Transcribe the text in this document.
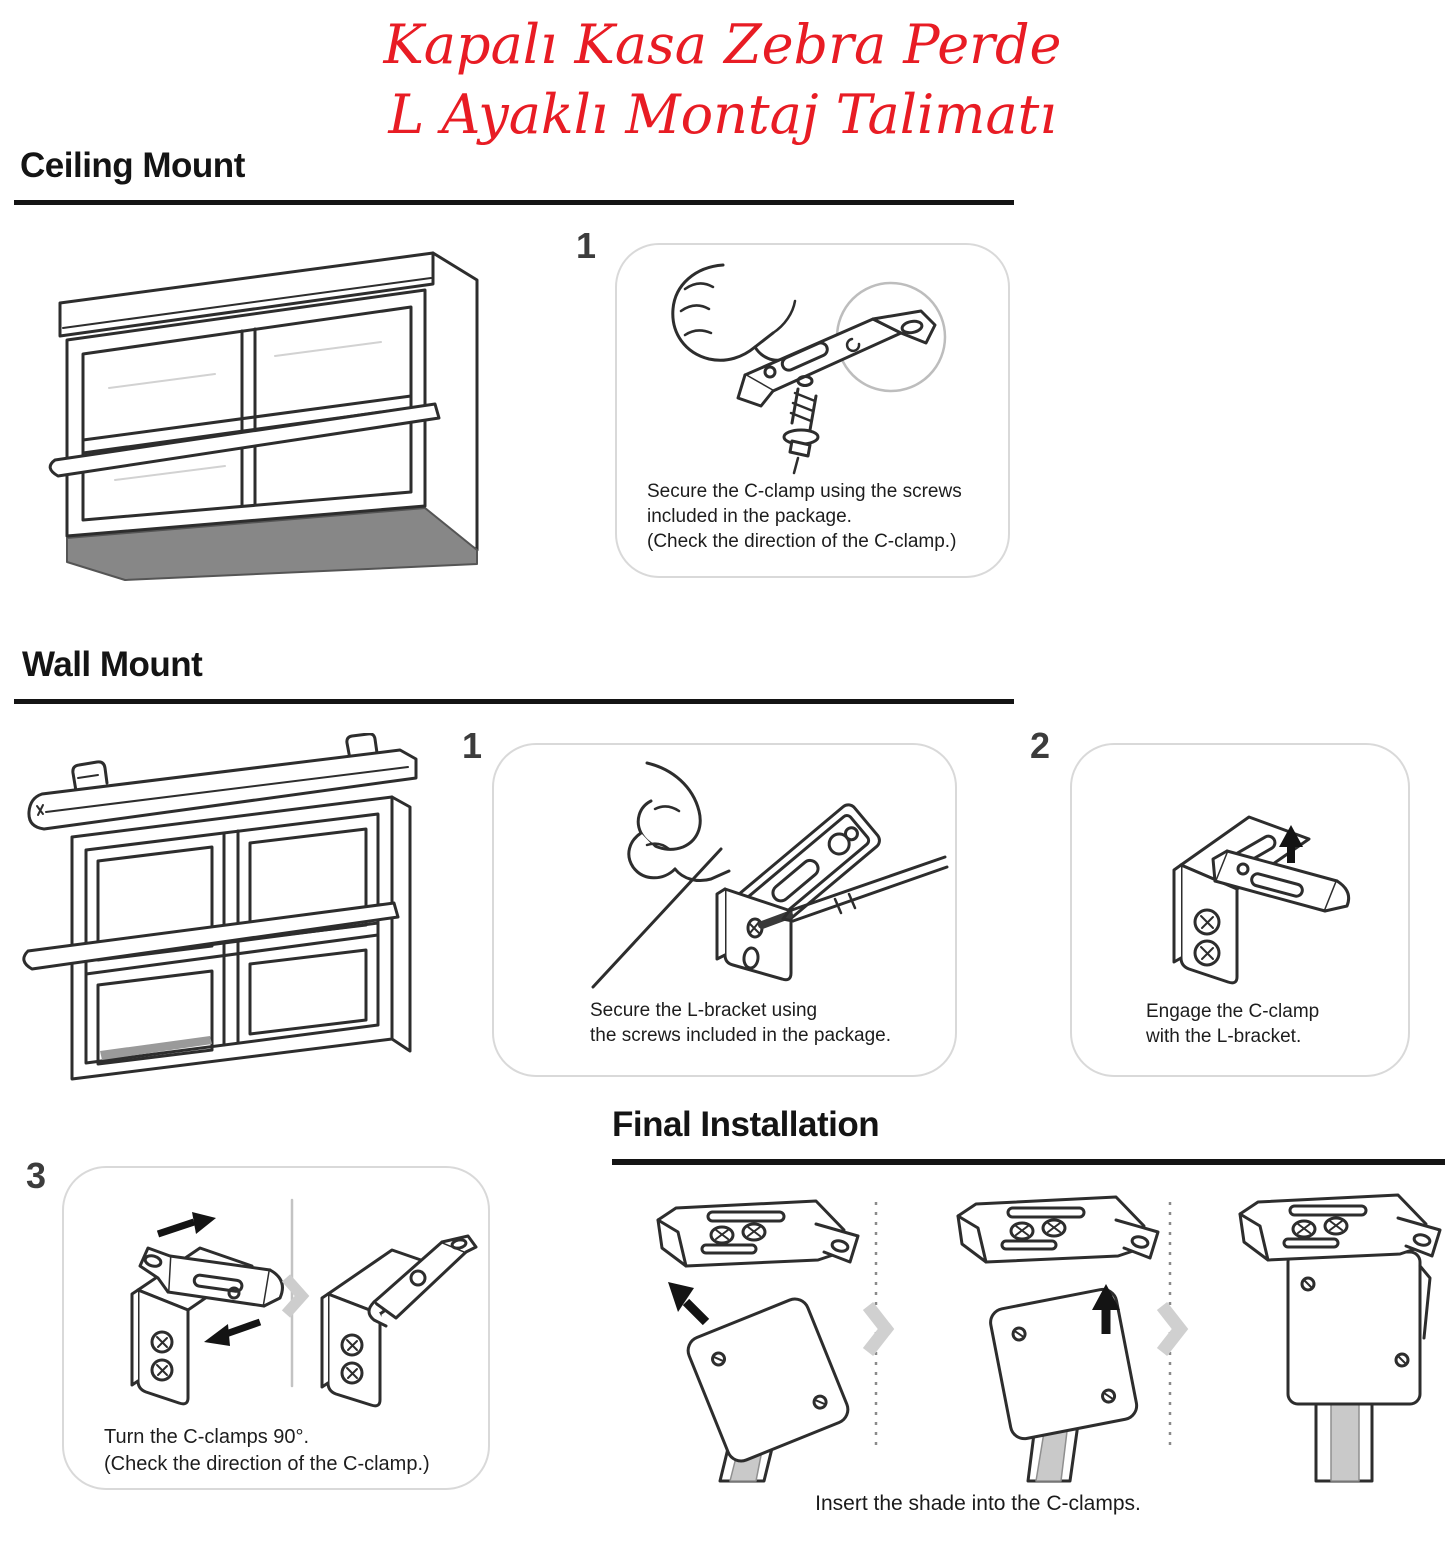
Kapalı Kasa Zebra Perde
L Ayaklı Montaj Talimatı
Ceiling Mount
1

Secure the C-clamp using the screws
included in the package.
(Check the direction of the C-clamp.)

Wall Mount
1

Secure the L-bracket using
the screws included in the package.

2

Engage the C-clamp
with the L-bracket.

Final Installation
3

Turn the C-clamps 90°.
(Check the direction of the C-clamp.)

Insert the shade into the C-clamps.
